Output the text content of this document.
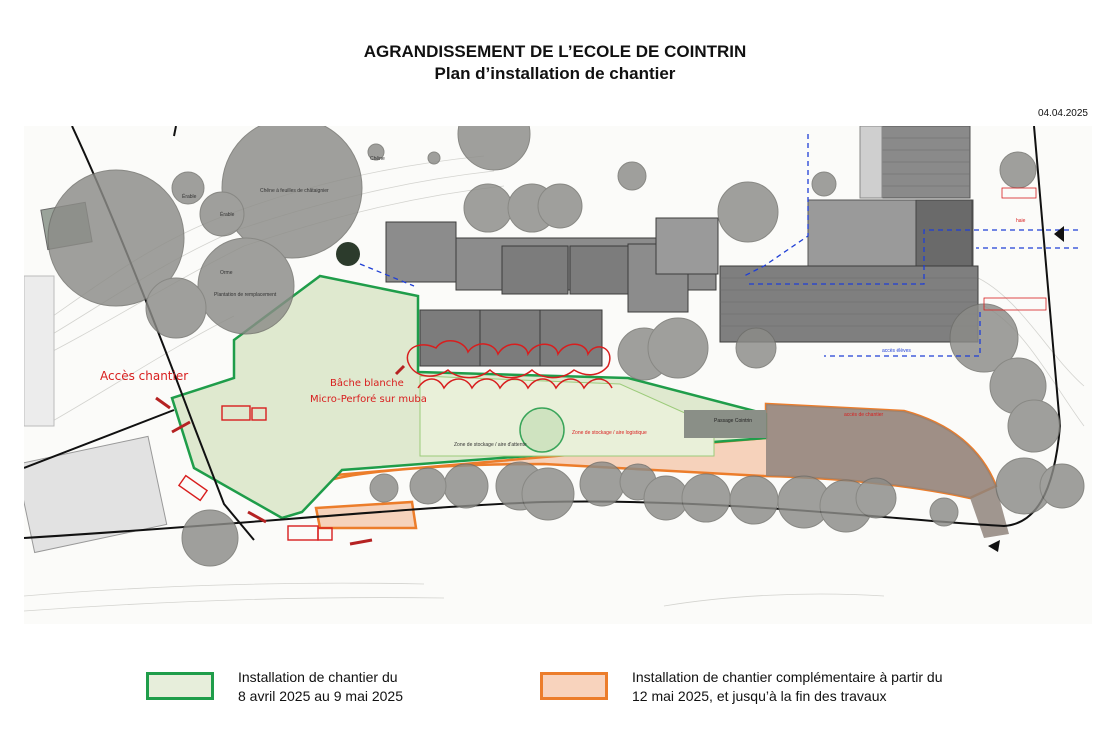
AGRANDISSEMENT DE L’ECOLE DE COINTRIN
Plan d’installation de chantier
04.04.2025
Accès chantier
Bâche blanche
Micro-Perforé sur muba
Chêne à feuilles de châtaignier
Érable
Érable
Orme
Chêne
Plantation de remplacement
Zone de stockage / aire d'attente
Zone de stockage / aire logistique
Passage Cointrin
accès élèves
accès de chantier
haie
Installation de chantier du
8 avril 2025 au 9 mai 2025
Installation de chantier complémentaire à partir du
12 mai 2025, et jusqu’à la fin des travaux
